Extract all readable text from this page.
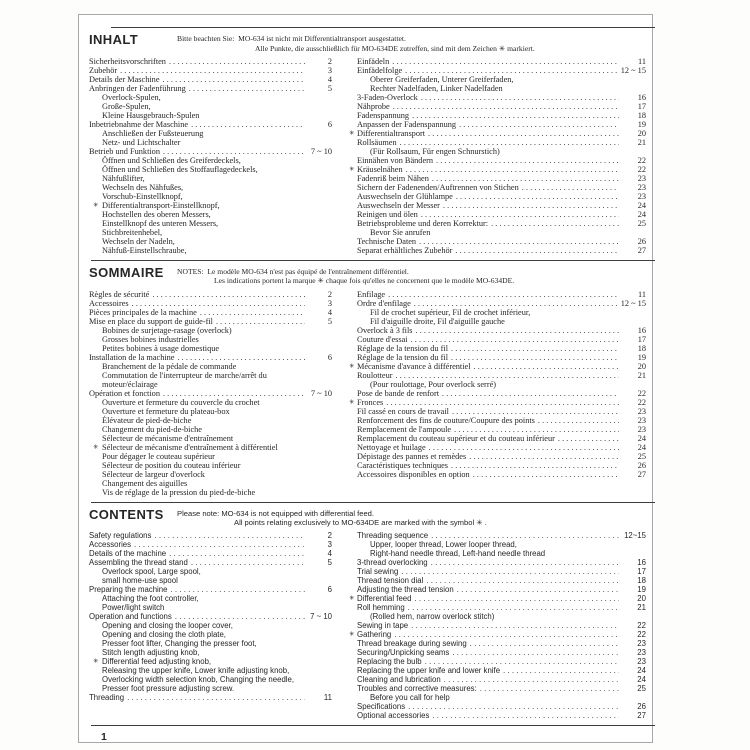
INHALT	Bitte beachten Sie:  MO-634 ist nicht mit Differentialtransport ausgestattet.
Alle Punkte, die ausschließlich für MO-634DE zutreffen, sind mit dem Zeichen ✳ markiert.
Sicherheitsvorschriften .....	2
Zubehör .....	3
Details der Maschine .....	4
Anbringen der Fadenführung .....	5
Overlock-Spulen,
Große-Spulen,
Kleine Hausgebrauch-Spulen
Inbetriebnahme der Maschine .....	6
Anschließen der Fußsteuerung
Netz- und Lichtschalter
Betrieb und Funktion .....	7 ~ 10
Öffnen und Schließen des Greiferdeckels,
Öffnen und Schließen des Stoffauflagedeckels,
Nähfußlifter,
Wechseln des Nähfußes,
Vorschub-Einstellknopf,
✳ Differentialtransport-Einstellknopf,
Hochstellen des oberen Messers,
Einstellknopf des unteren Messers,
Stichbreitenhebel,
Wechseln der Nadeln,
Nähfuß-Einstellschraube,
Einfädeln .....	11
Einfädelfolge .....	12 ~ 15
Oberer Greiferfaden, Unterer Greiferfaden,
Rechter Nadelfaden, Linker Nadelfaden
3-Faden-Overlock .....	16
Nähprobe .....	17
Fadenspannung .....	18
Anpassen der Fadenspannung .....	19
✳ Differentialtransport .....	20
Rollsäumen .....	21
(Für Rollsaum, Für engen Schnurstich)
Einnähen von Bändern .....	22
✳ Kräuselnähen .....	22
Fadenriß beim Nähen .....	23
Sichern der Fadenenden/Auftrennen von Stichen .....	23
Auswechseln der Glühlampe .....	23
Auswechseln der Messer .....	24
Reinigen und ölen .....	24
Betriebsprobleme und deren Korrektur: .....	25
Bevor Sie anrufen
Technische Daten .....	26
Separat erhältliches Zubehör .....	27
SOMMAIRE	NOTES:  Le modèle MO-634 n'est pas équipé de l'entraînement différentiel.
Les indications portent la marque ✳ chaque fois qu'elles ne concernent que le modèle MO-634DE.
Règles de sécurité .....	2
Accessoires .....	3
Pièces principales de la machine .....	4
Mise en place du support de guide-fil .....	5
Bobines de surjetage-rasage (overlock)
Grosses bobines industrielles
Petites bobines à usage domestique
Installation de la machine .....	6
Branchement de la pédale de commande
Commutation de l'interrupteur de marche/arrêt du
moteur/éclairage
Opération et fonction .....	7 ~ 10
Ouverture et fermeture du couvercle du crochet
Ouverture et fermeture du plateau-box
Élévateur de pied-de-biche
Changement du pied-de-biche
Sélecteur de mécanisme d'entraînement
✳ Sélecteur de mécanisme d'entraînement à différentiel
Pour dégager le couteau supérieur
Sélecteur de position du couteau inférieur
Sélecteur de largeur d'overlock
Changement des aiguilles
Vis de réglage de la pression du pied-de-biche
Enfilage .....	11
Ordre d'enfilage .....	12 ~ 15
Fil de crochet supérieur, Fil de crochet inférieur,
Fil d'aiguille droite, Fil d'aiguille gauche
Overlock à 3 fils .....	16
Couture d'essai .....	17
Réglage de la tension du fil .....	18
Réglage de la tension du fil .....	19
✳ Mécanisme d'avance à différentiel .....	20
Roulotteur .....	21
(Pour roulottage, Pour overlock serré)
Pose de bande de renfort .....	22
✳ Fronces .....	22
Fil cassé en cours de travail .....	23
Renforcement des fins de couture/Coupure des points .....	23
Remplacement de l'ampoule .....	23
Remplacement du couteau supérieur et du couteau inférieur .....	24
Nettoyage et huilage .....	24
Dépistage des pannes et remèdes .....	25
Caractéristiques techniques .....	26
Accessoires disponibles en option .....	27
CONTENTS	Please note: MO-634 is not equipped with differential feed.
All points relating exclusively to MO-634DE are marked with the symbol ✳ .
Safety regulations .....	2
Accessories .....	3
Details of the machine .....	4
Assembling the thread stand .....	5
Overlock spool, Large spool,
small home-use spool
Preparing the machine .....	6
Attaching the foot controller,
Power/light switch
Operation and functions .....	7 ~ 10
Opening and closing the looper cover,
Opening and closing the cloth plate,
Presser foot lifter, Changing the presser foot,
Stitch length adjusting knob,
✳ Differential feed adjusting knob,
Releasing the upper knife, Lower knife adjusting knob,
Overlocking width selection knob, Changing the needle,
Presser foot pressure adjusting screw.
Threading .....	11
Threading sequence .....	12~15
Upper, looper thread, Lower looper thread,
Right-hand needle thread, Left-hand needle thread
3-thread overlocking .....	16
Trial sewing .....	17
Thread tension dial .....	18
Adjusting the thread tension .....	19
✳ Differential feed .....	20
Roll hemming .....	21
(Rolled hem, narrow overlock stitch)
Sewing in tape .....	22
✳ Gathering .....	22
Thread breakage during sewing .....	23
Securing/Unpicking seams .....	23
Replacing the bulb .....	23
Replacing the upper knife and lower knife .....	24
Cleaning and lubrication .....	24
Troubles and corrective measures: .....	25
Before you call for help
Specifications .....	26
Optional accessories .....	27
1
